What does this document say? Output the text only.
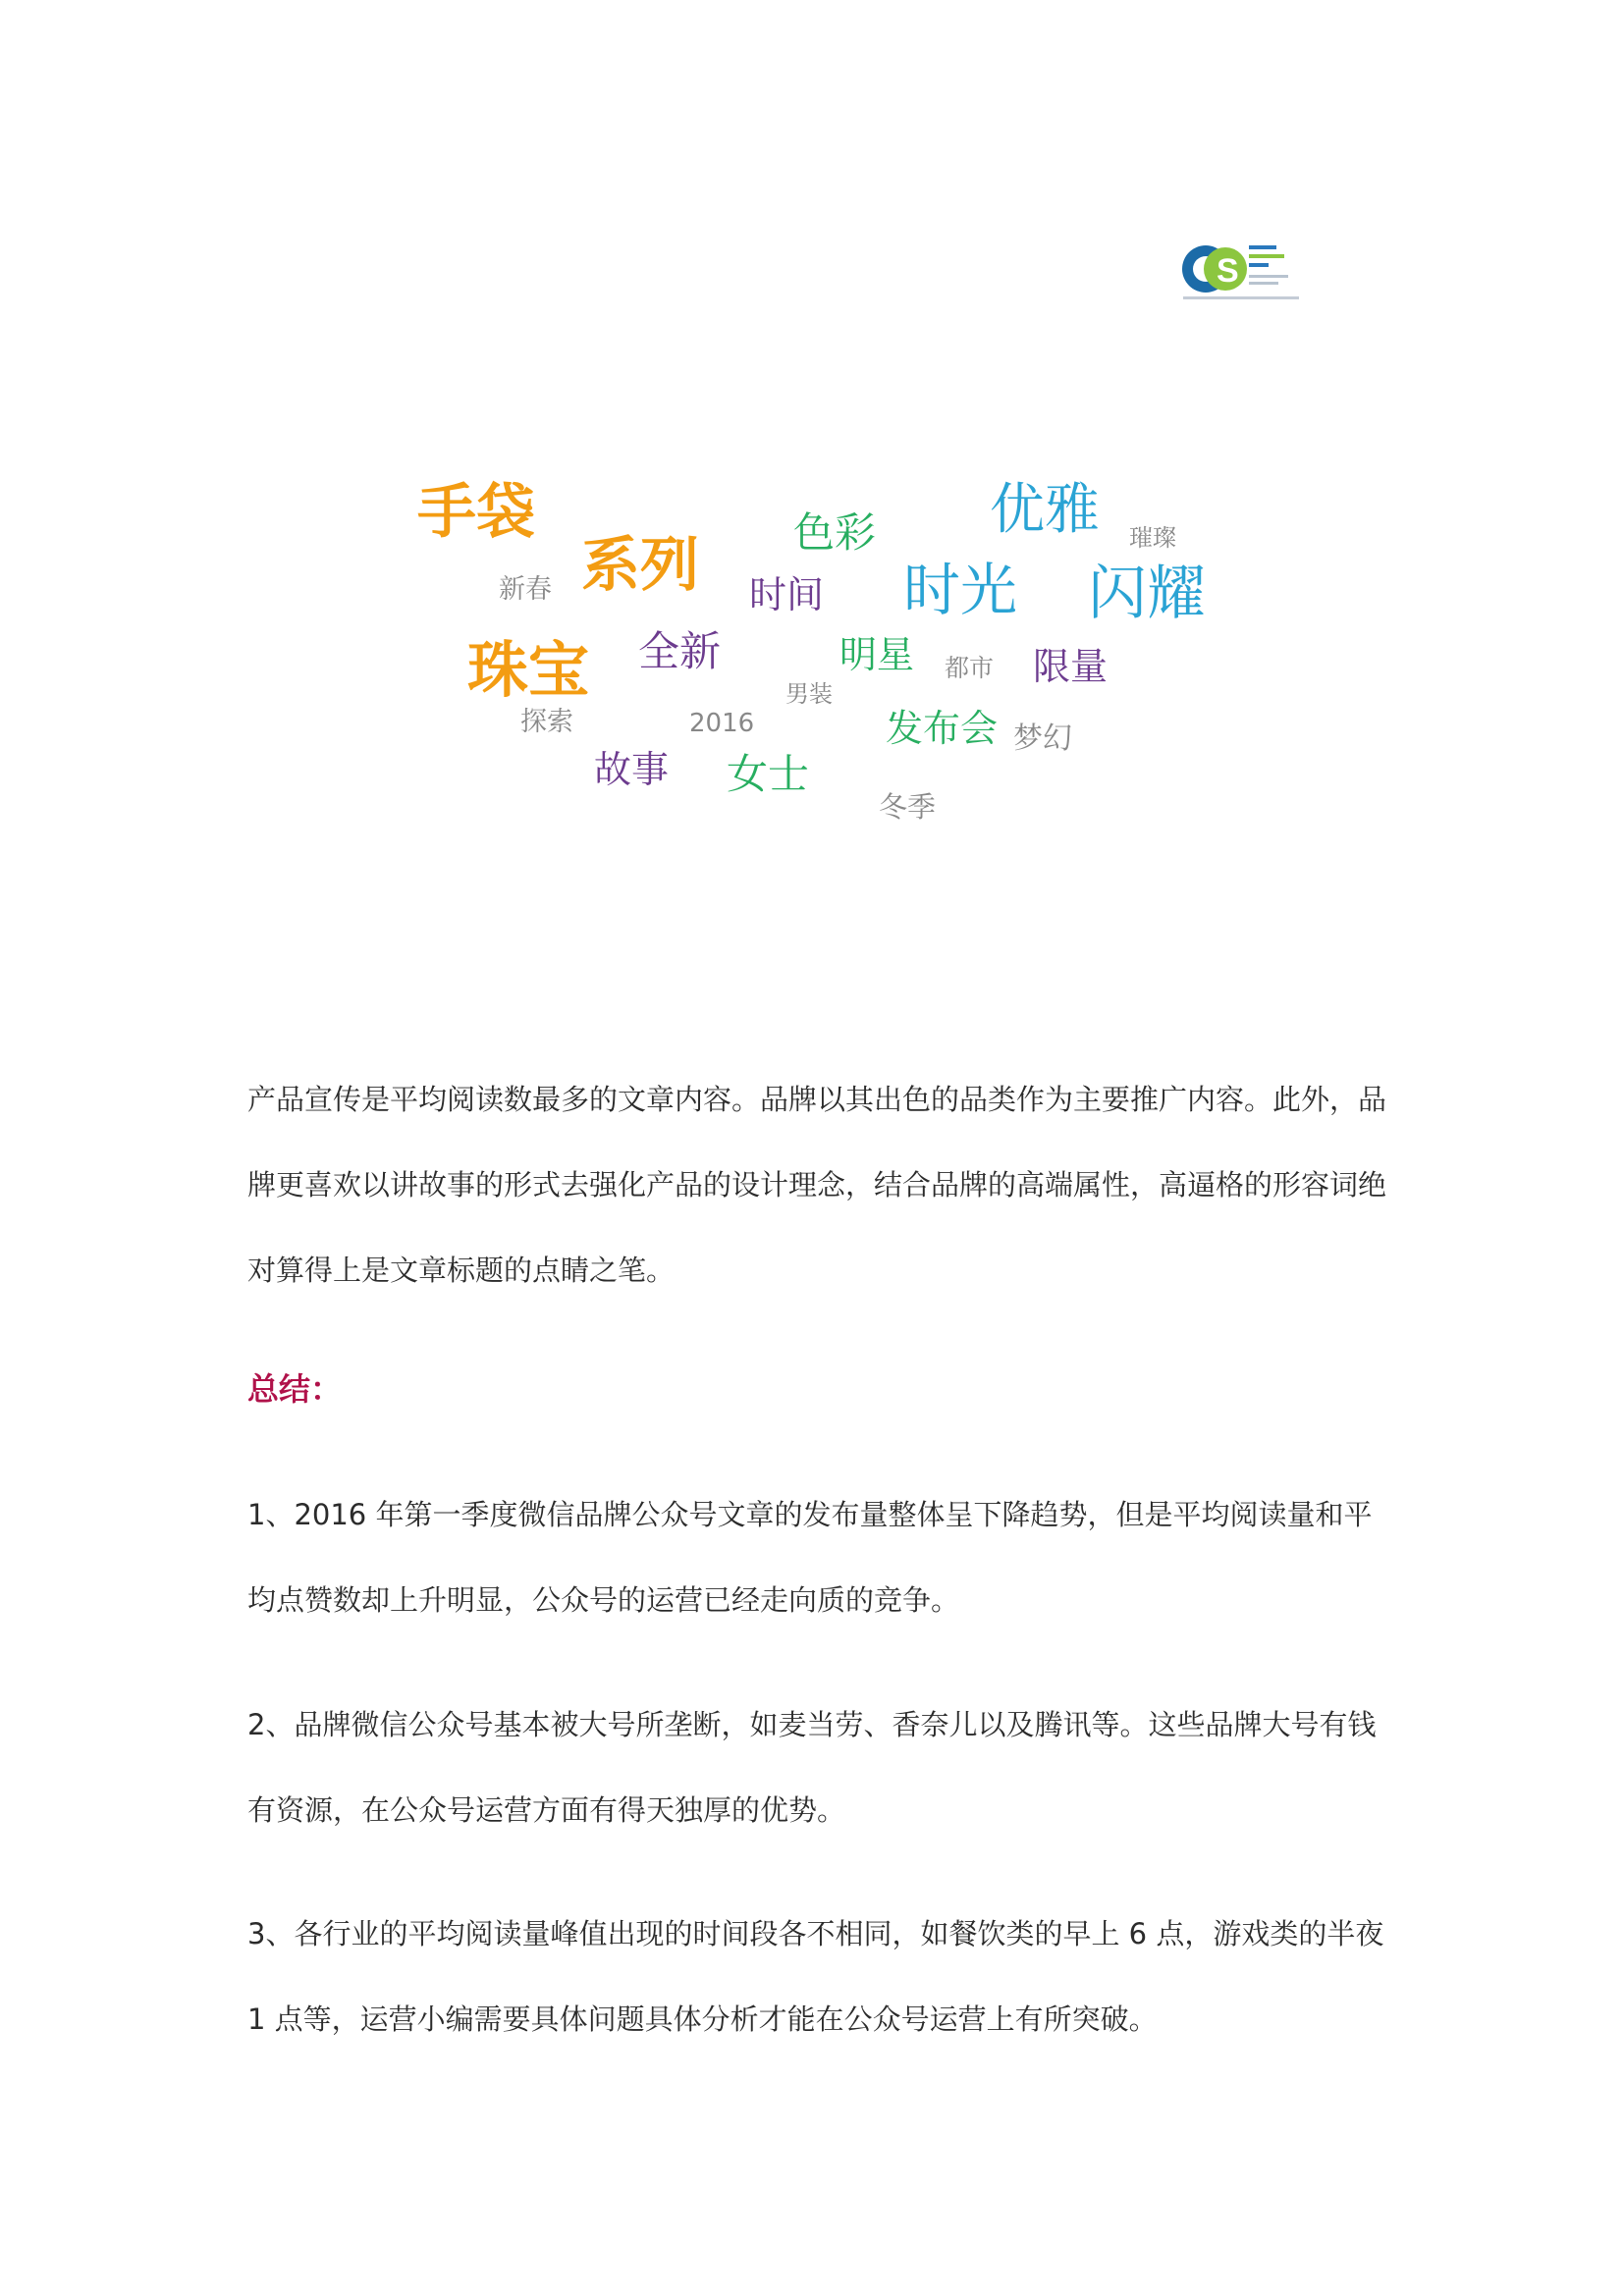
S
手袋
系列 色彩 优雅 璀璨
新春	时间 时光 闪耀
珠宝 全新	明星 都市 限量
男装
探索	2016	发布会 梦幻
故事 女士
冬季
产品宣传是平均阅读数最多的文章内容。品牌以其出色的品类作为主要推广内容。此外，品
牌更喜欢以讲故事的形式去强化产品的设计理念，结合品牌的高端属性，高逼格的形容词绝
对算得上是文章标题的点睛之笔。
总结：
1、2016 年第一季度微信品牌公众号文章的发布量整体呈下降趋势，但是平均阅读量和平
均点赞数却上升明显，公众号的运营已经走向质的竞争。
2、品牌微信公众号基本被大号所垄断，如麦当劳、香奈儿以及腾讯等。这些品牌大号有钱
有资源，在公众号运营方面有得天独厚的优势。
3、各行业的平均阅读量峰值出现的时间段各不相同，如餐饮类的早上 6 点，游戏类的半夜
1 点等，运营小编需要具体问题具体分析才能在公众号运营上有所突破。
